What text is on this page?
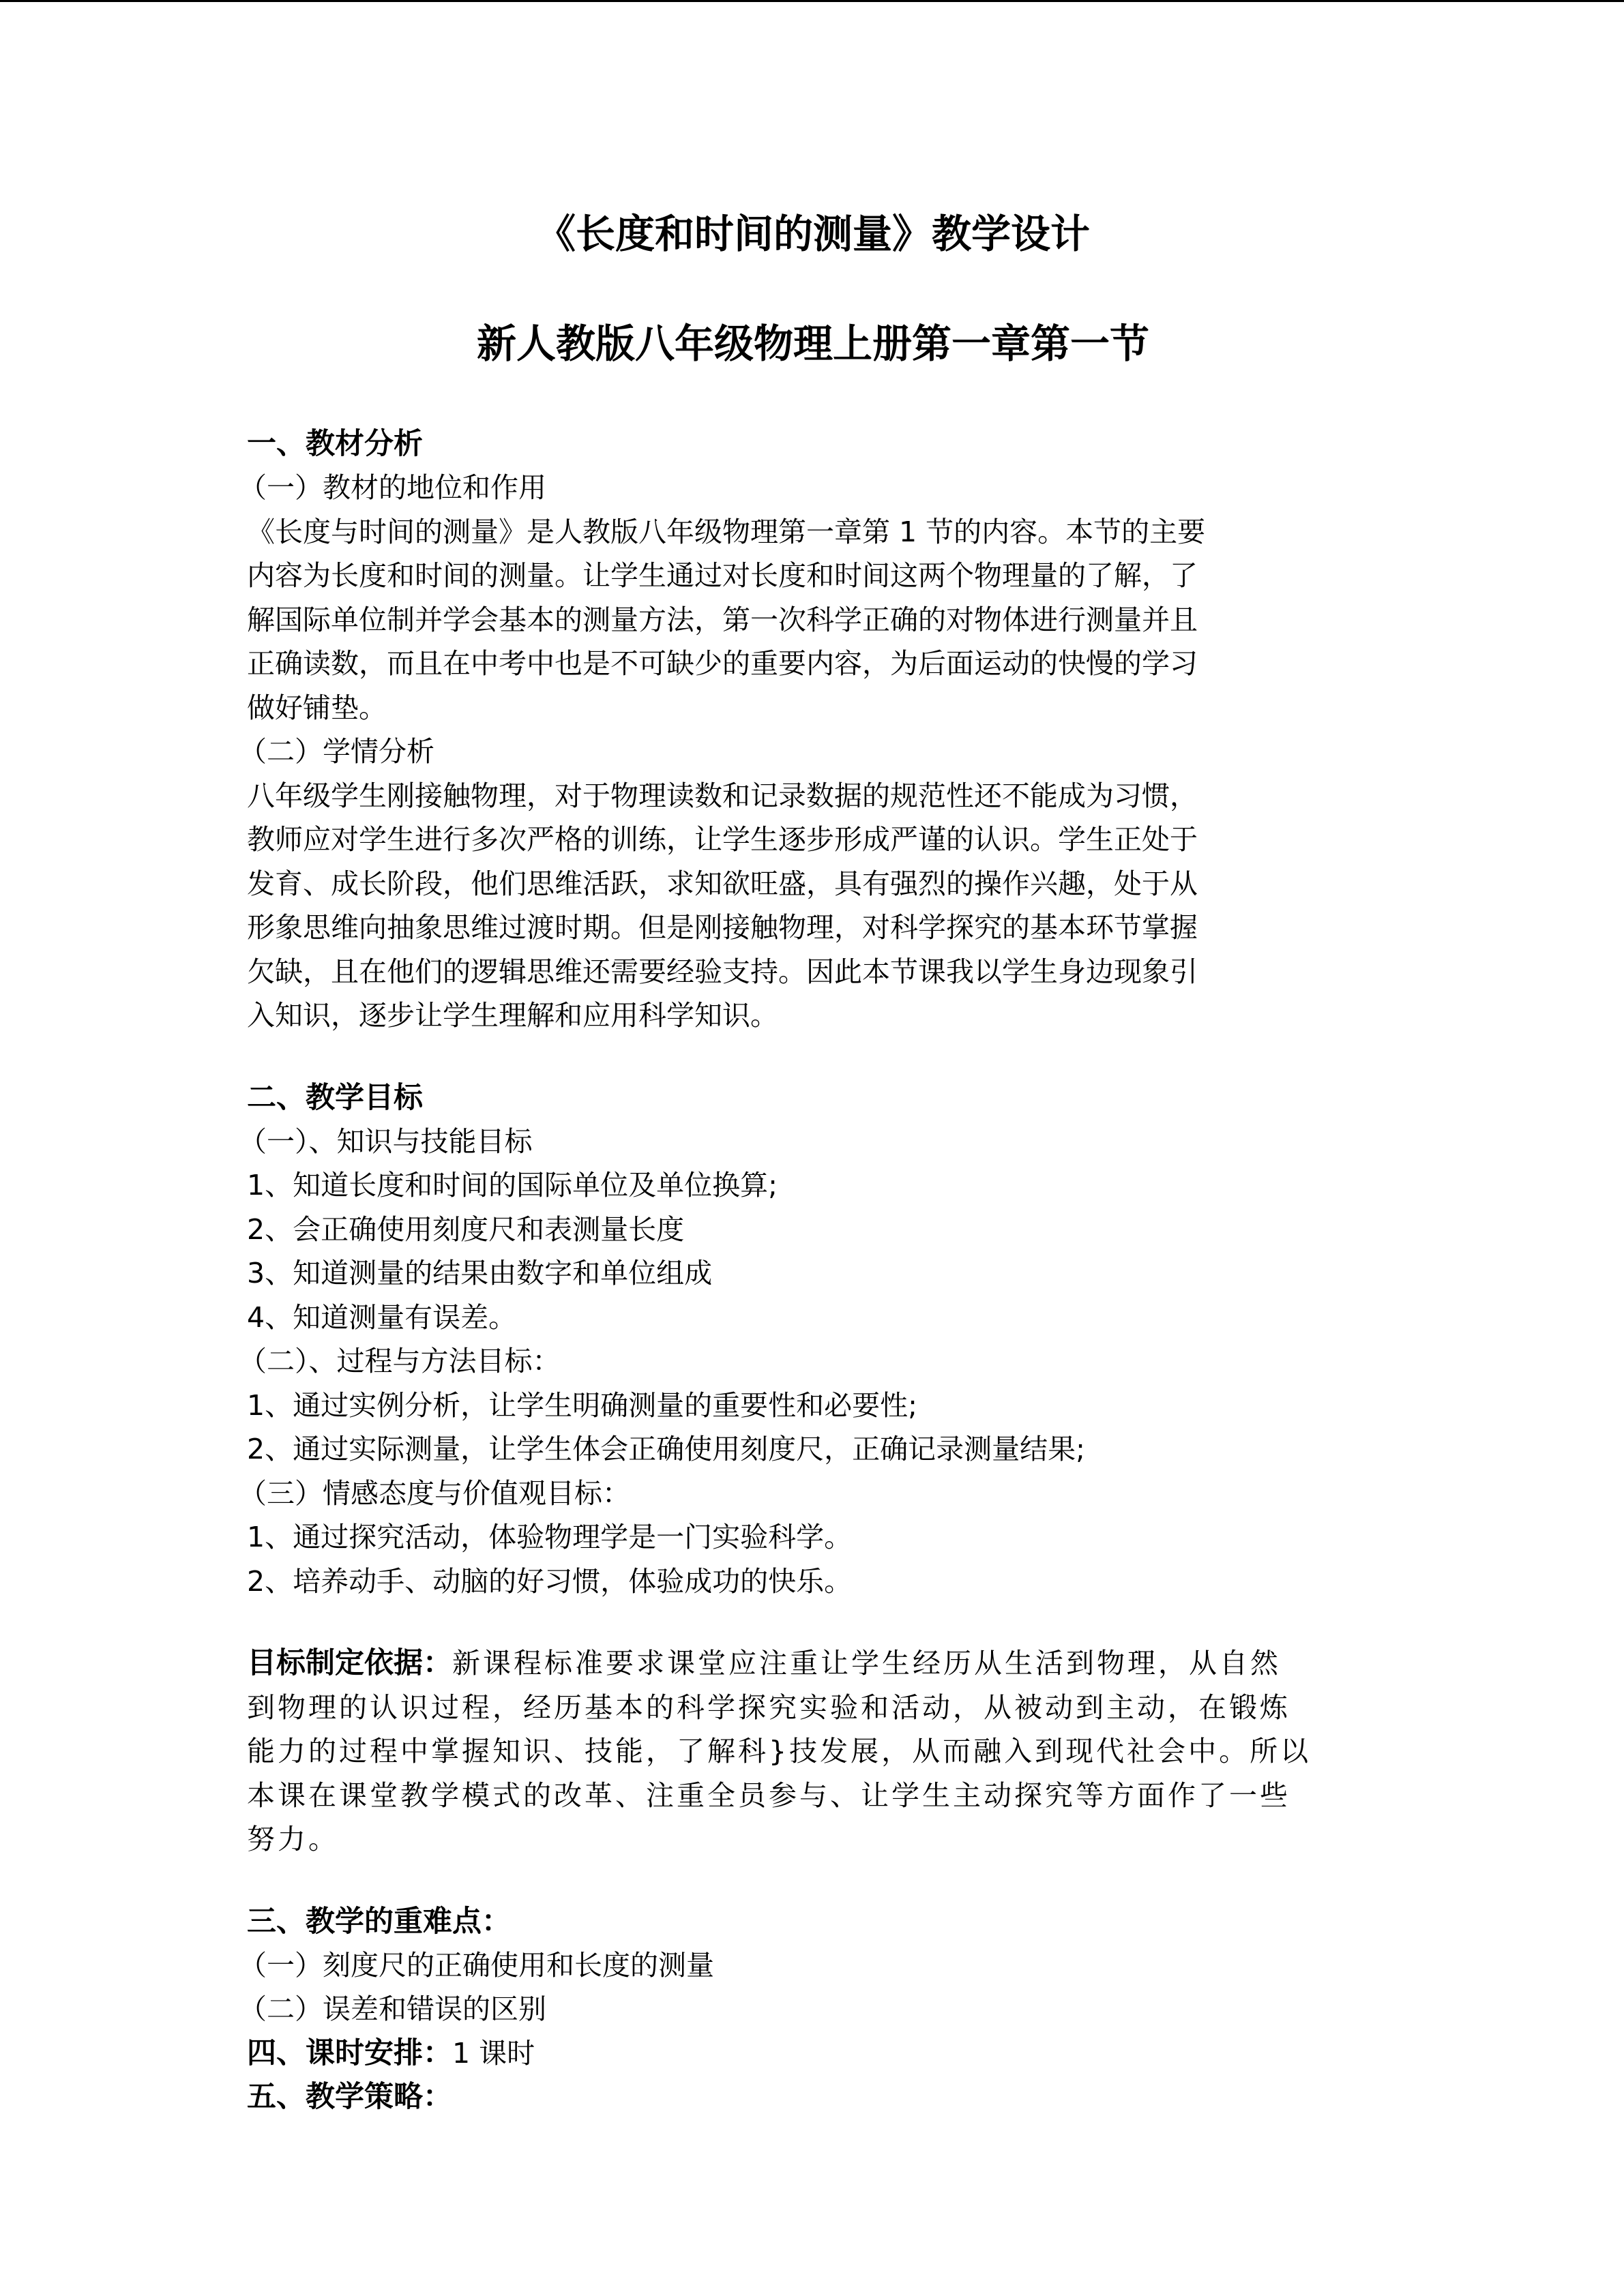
《长度和时间的测量》教学设计
新人教版八年级物理上册第一章第一节
一、教材分析
（一）教材的地位和作用
《长度与时间的测量》是人教版八年级物理第一章第 1 节的内容。本节的主要
内容为长度和时间的测量。让学生通过对长度和时间这两个物理量的了解，了
解国际单位制并学会基本的测量方法，第一次科学正确的对物体进行测量并且
正确读数，而且在中考中也是不可缺少的重要内容，为后面运动的快慢的学习
做好铺垫。
（二）学情分析
八年级学生刚接触物理，对于物理读数和记录数据的规范性还不能成为习惯，
教师应对学生进行多次严格的训练，让学生逐步形成严谨的认识。学生正处于
发育、成长阶段，他们思维活跃，求知欲旺盛，具有强烈的操作兴趣，处于从
形象思维向抽象思维过渡时期。但是刚接触物理，对科学探究的基本环节掌握
欠缺，且在他们的逻辑思维还需要经验支持。因此本节课我以学生身边现象引
入知识，逐步让学生理解和应用科学知识。
二、教学目标
（一）、知识与技能目标
1、知道长度和时间的国际单位及单位换算;
2、会正确使用刻度尺和表测量长度
3、知道测量的结果由数字和单位组成
4、知道测量有误差。
（二）、过程与方法目标：
1、通过实例分析，让学生明确测量的重要性和必要性;
2、通过实际测量，让学生体会正确使用刻度尺，正确记录测量结果;
（三）情感态度与价值观目标：
1、通过探究活动，体验物理学是一门实验科学。
2、培养动手、动脑的好习惯，体验成功的快乐。
目标制定依据：新课程标准要求课堂应注重让学生经历从生活到物理，从自然
到物理的认识过程，经历基本的科学探究实验和活动，从被动到主动，在锻炼
能力的过程中掌握知识、技能，了解科}技发展，从而融入到现代社会中。所以
本课在课堂教学模式的改革、注重全员参与、让学生主动探究等方面作了一些
努力。
三、教学的重难点：
（一）刻度尺的正确使用和长度的测量
（二）误差和错误的区别
四、课时安排：1 课时
五、教学策略：
